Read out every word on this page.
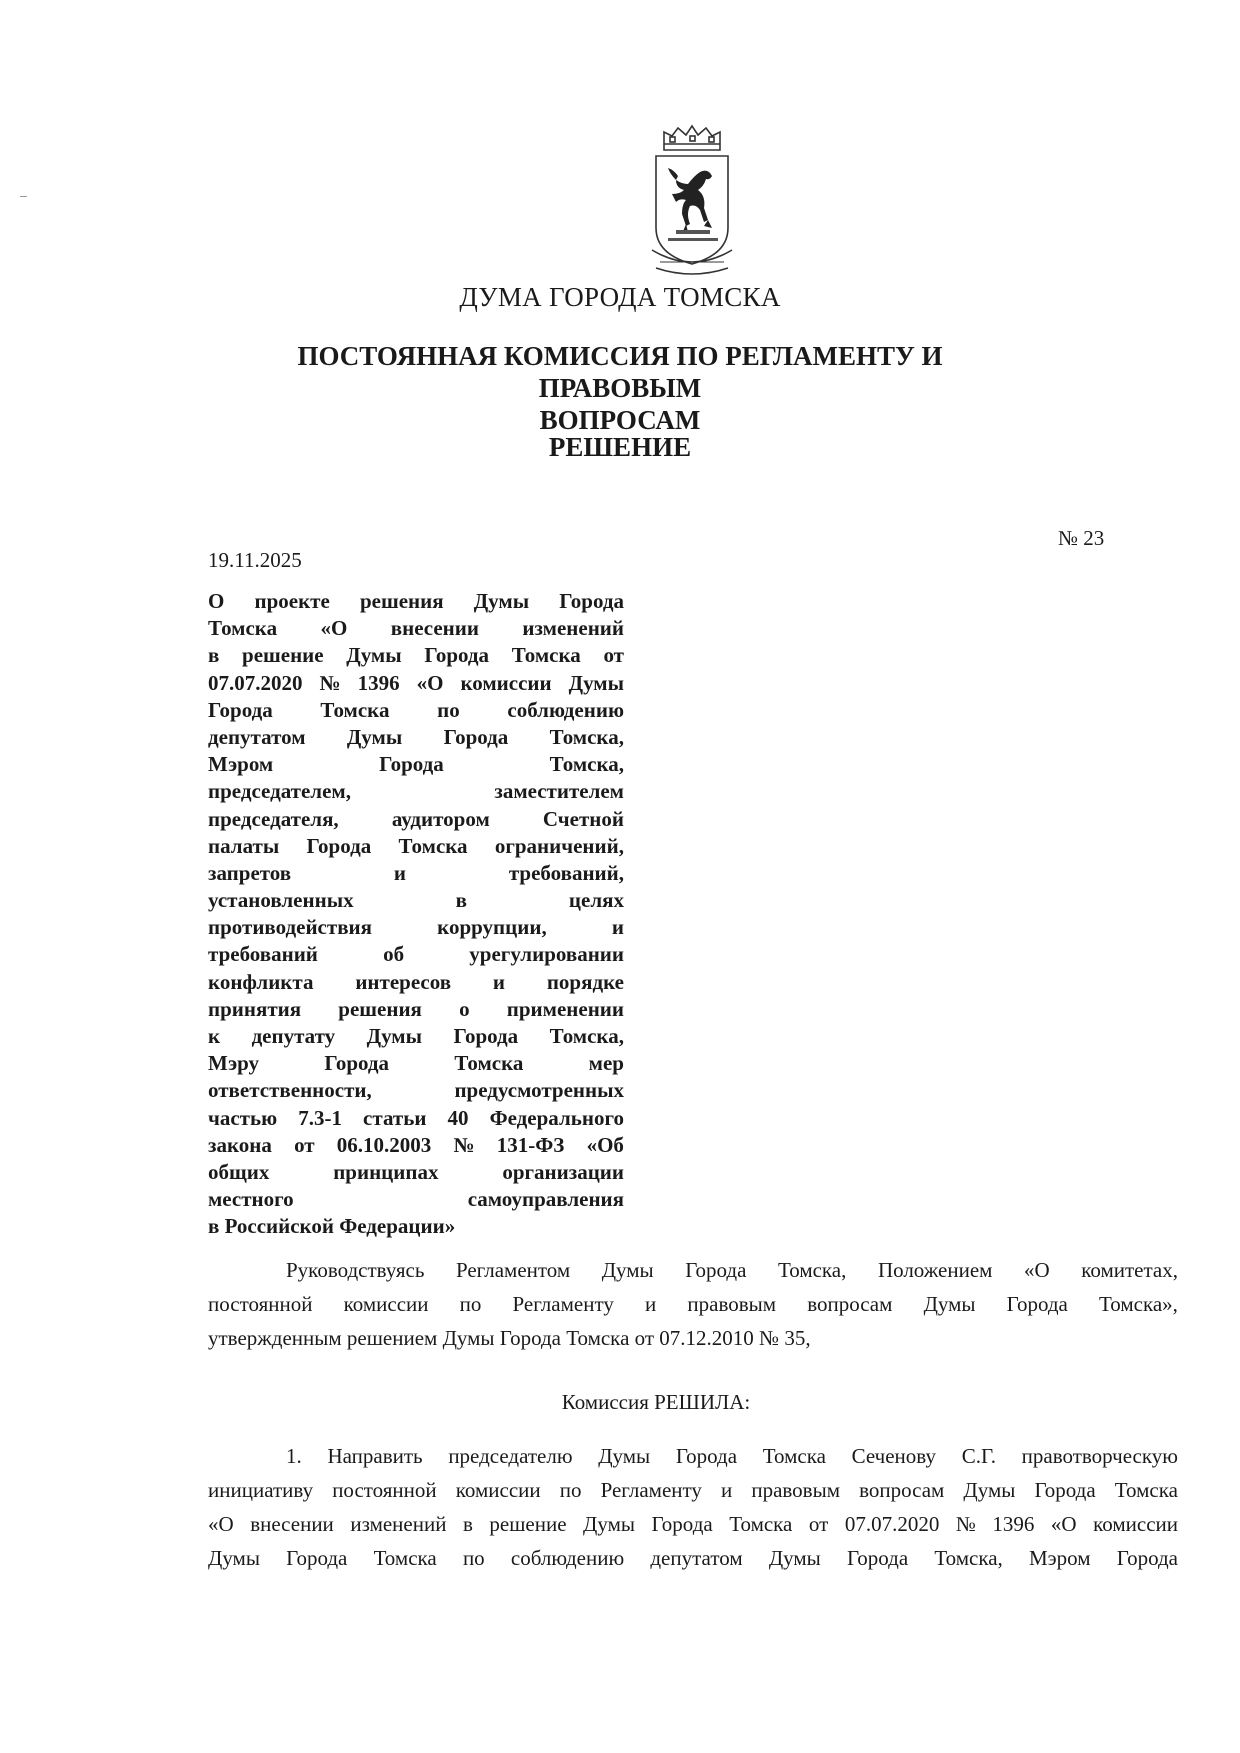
ДУМА ГОРОДА ТОМСКА
ПОСТОЯННАЯ КОМИССИЯ ПО РЕГЛАМЕНТУ И ПРАВОВЫМ
ВОПРОСАМ
РЕШЕНИЕ
19.11.2025
№ 23
О проекте решения Думы Города
Томска «О внесении изменений
в решение Думы Города Томска от
07.07.2020 № 1396 «О комиссии Думы
Города Томска по соблюдению
депутатом Думы Города Томска,
Мэром	Города	Томска,
председателем,	заместителем
председателя,	аудитором	Счетной
палаты Города Томска ограничений,
запретов	и	требований,
установленных	в	целях
противодействия	коррупции,	и
требований	об	урегулировании
конфликта интересов и порядке
принятия решения о применении
к депутату Думы Города Томска,
Мэру	Города	Томска	мер
ответственности,	предусмотренных
частью 7.3-1 статьи 40 Федерального
закона от 06.10.2003 № 131-ФЗ «Об
общих	принципах	организации
местного	самоуправления
в Российской Федерации»
Руководствуясь Регламентом Думы Города Томска, Положением «О комитетах,
постоянной комиссии по Регламенту и правовым вопросам Думы Города Томска»,
утвержденным решением Думы Города Томска от 07.12.2010 № 35,
Комиссия РЕШИЛА:
1. Направить председателю Думы Города Томска Сеченову С.Г. правотворческую
инициативу постоянной комиссии по Регламенту и правовым вопросам Думы Города Томска
«О внесении изменений в решение Думы Города Томска от 07.07.2020 № 1396 «О комиссии
Думы Города Томска по соблюдению депутатом Думы Города Томска, Мэром Города
